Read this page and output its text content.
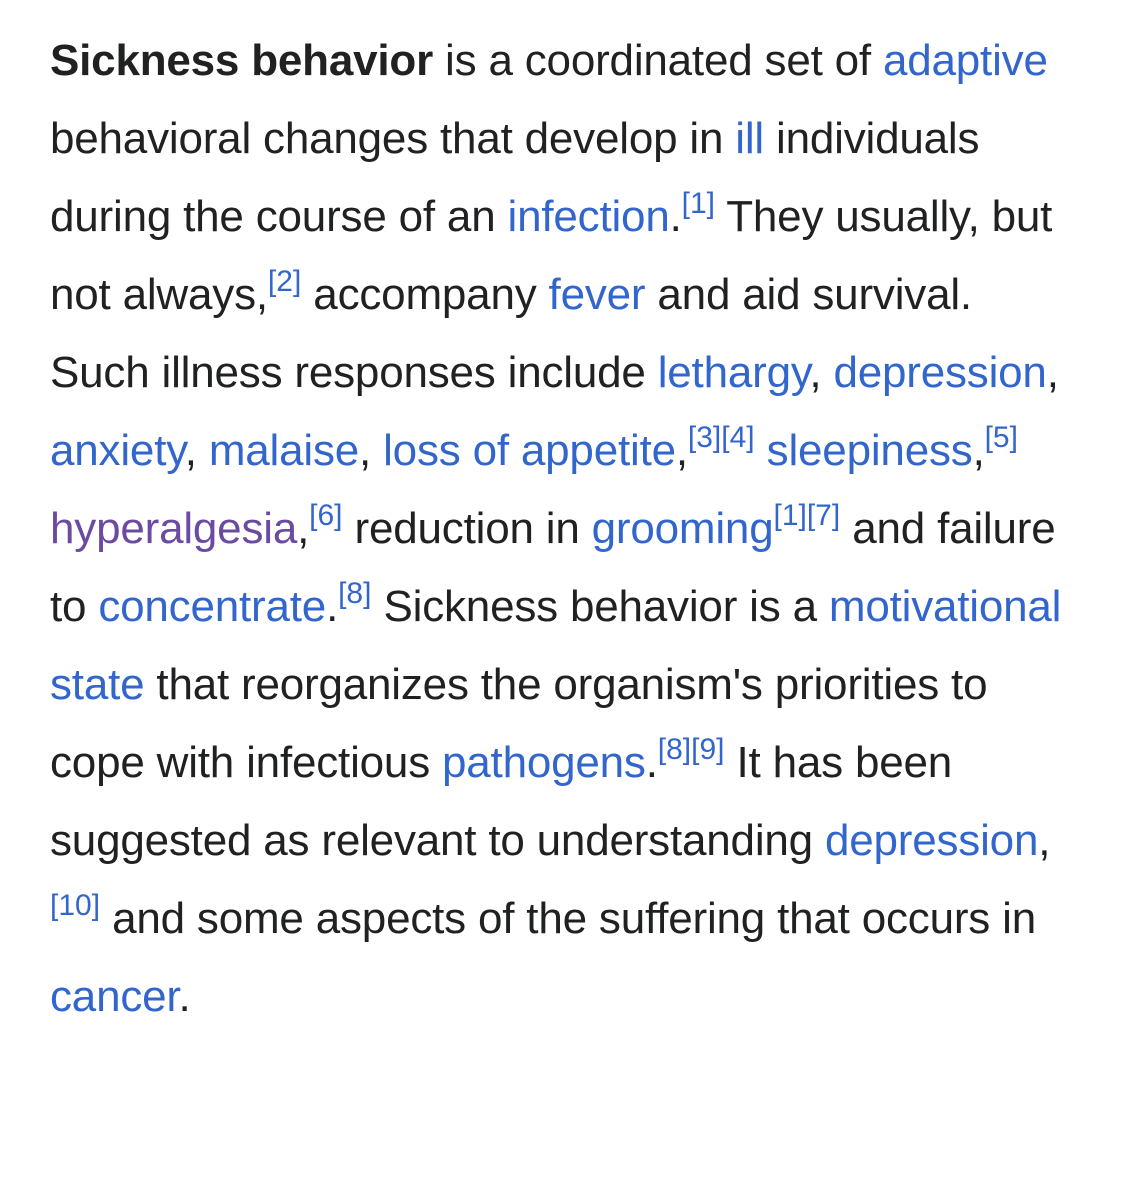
Sickness behavior is a coordinated set of adaptive behavioral changes that develop in ill individuals during the course of an infection.[1] They usually, but not always,[2] accompany fever and aid survival. Such illness responses include lethargy, depression, anxiety, malaise, loss of appetite,[3][4] sleepiness,[5] hyperalgesia,[6] reduction in grooming[1][7] and failure to concentrate.[8] Sickness behavior is a motivational state that reorganizes the organism's priorities to cope with infectious pathogens.[8][9] It has been suggested as relevant to understanding depression,[10] and some aspects of the suffering that occurs in cancer.
